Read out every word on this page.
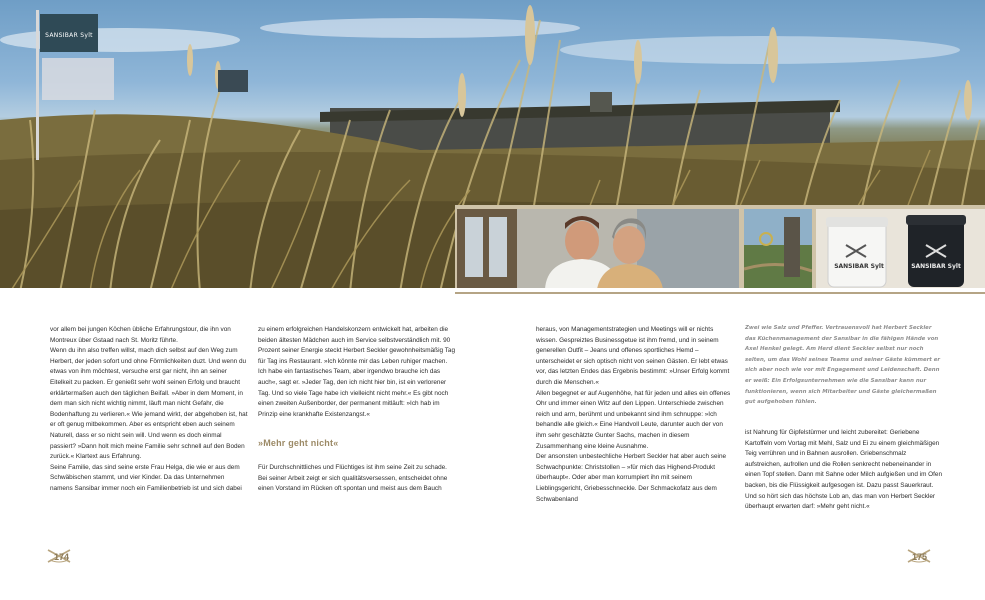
SANSIBAR Sylt
SANSIBAR Sylt	SANSIBAR Sylt

vor allem bei jungen Köchen übliche Erfahrungstour, die ihn von Montreux über Gstaad nach St. Moritz führte.

Wenn du ihn also treffen willst, mach dich selbst auf den Weg zum Herbert, der jeden sofort und ohne Förmlichkeiten duzt. Und wenn du etwas von ihm möchtest, versuche erst gar nicht, ihn an seiner Eitelkeit zu packen. Er genießt sehr wohl seinen Erfolg und braucht erklärtermaßen auch den täglichen Beifall. »Aber in dem Moment, in dem man sich nicht wichtig nimmt, läuft man nicht Gefahr, die Bodenhaftung zu verlieren.« Wie jemand wirkt, der abgehoben ist, hat er oft genug mitbekommen. Aber es entspricht eben auch seinem Naturell, dass er so nicht sein will. Und wenn es doch einmal passiert? »Dann holt mich meine Familie sehr schnell auf den Boden zurück.« Klartext aus Erfahrung.

Seine Familie, das sind seine erste Frau Helga, die wie er aus dem Schwäbischen stammt, und vier Kinder. Da das Unternehmen namens Sansibar immer noch ein Familienbetrieb ist und sich dabei

zu einem erfolgreichen Handelskonzern entwickelt hat, arbeiten die beiden ältesten Mädchen auch im Service selbstverständlich mit. 90 Prozent seiner Energie steckt Herbert Seckler gewohnheitsmäßig Tag für Tag ins Restaurant. »Ich könnte mir das Leben ruhiger machen. Ich habe ein fantastisches Team, aber irgendwo brauche ich das auch«, sagt er. »Jeder Tag, den ich nicht hier bin, ist ein verlorener Tag. Und so viele Tage habe ich vielleicht nicht mehr.« Es gibt noch einen zweiten Außenborder, der permanent mitläuft: »Ich hab im Prinzip eine krankhafte Existenzangst.«

»Mehr geht nicht«

Für Durchschnittliches und Flüchtiges ist ihm seine Zeit zu schade. Bei seiner Arbeit zeigt er sich qualitätsversessen, entscheidet ohne einen Vorstand im Rücken oft spontan und meist aus dem Bauch

heraus, von Managementstrategien und Meetings will er nichts wissen. Gespreiztes Businessgetue ist ihm fremd, und in seinem generellen Outfit – Jeans und offenes sportliches Hemd – unterscheidet er sich optisch nicht von seinen Gästen. Er lebt etwas vor, das letzten Endes das Ergebnis bestimmt: »Unser Erfolg kommt durch die Menschen.«

Allen begegnet er auf Augenhöhe, hat für jeden und alles ein offenes Ohr und immer einen Witz auf den Lippen. Unterschiede zwischen reich und arm, berühmt und unbekannt sind ihm schnuppe: »Ich behandle alle gleich.« Eine Handvoll Leute, darunter auch der von ihm sehr geschätzte Gunter Sachs, machen in diesem Zusammenhang eine kleine Ausnahme.

Der ansonsten unbestechliche Herbert Seckler hat aber auch seine Schwachpunkte: Christstollen – »für mich das Highend-Produkt überhaupt«. Oder aber man korrumpiert ihn mit seinem Lieblingsgericht, Griebesschneckle. Der Schmackofatz aus dem Schwabenland

Zwei wie Salz und Pfeffer. Vertrauensvoll hat Herbert Seckler das Küchenmanagement der Sansibar in die fähigen Hände von Axel Henkel gelegt. Am Herd dient Seckler selbst nur noch selten, um das Wohl seines Teams und seiner Gäste kümmert er sich aber noch wie vor mit Engagement und Leidenschaft. Denn er weiß: Ein Erfolgsunternehmen wie die Sansibar kann nur funktionieren, wenn sich Mitarbeiter und Gäste gleichermaßen gut aufgehoben fühlen.

ist Nahrung für Gipfelstürmer und leicht zubereitet: Geriebene Kartoffeln vom Vortag mit Mehl, Salz und Ei zu einem gleichmäßigen Teig verrühren und in Bahnen ausrollen. Griebenschmalz aufstreichen, aufrollen und die Rollen senkrecht nebeneinander in einen Topf stellen. Dann mit Sahne oder Milch aufgießen und im Ofen backen, bis die Flüssigkeit aufgesogen ist. Dazu passt Sauerkraut. Und so hört sich das höchste Lob an, das man von Herbert Seckler überhaupt erwarten darf: »Mehr geht nicht.«

174	175
